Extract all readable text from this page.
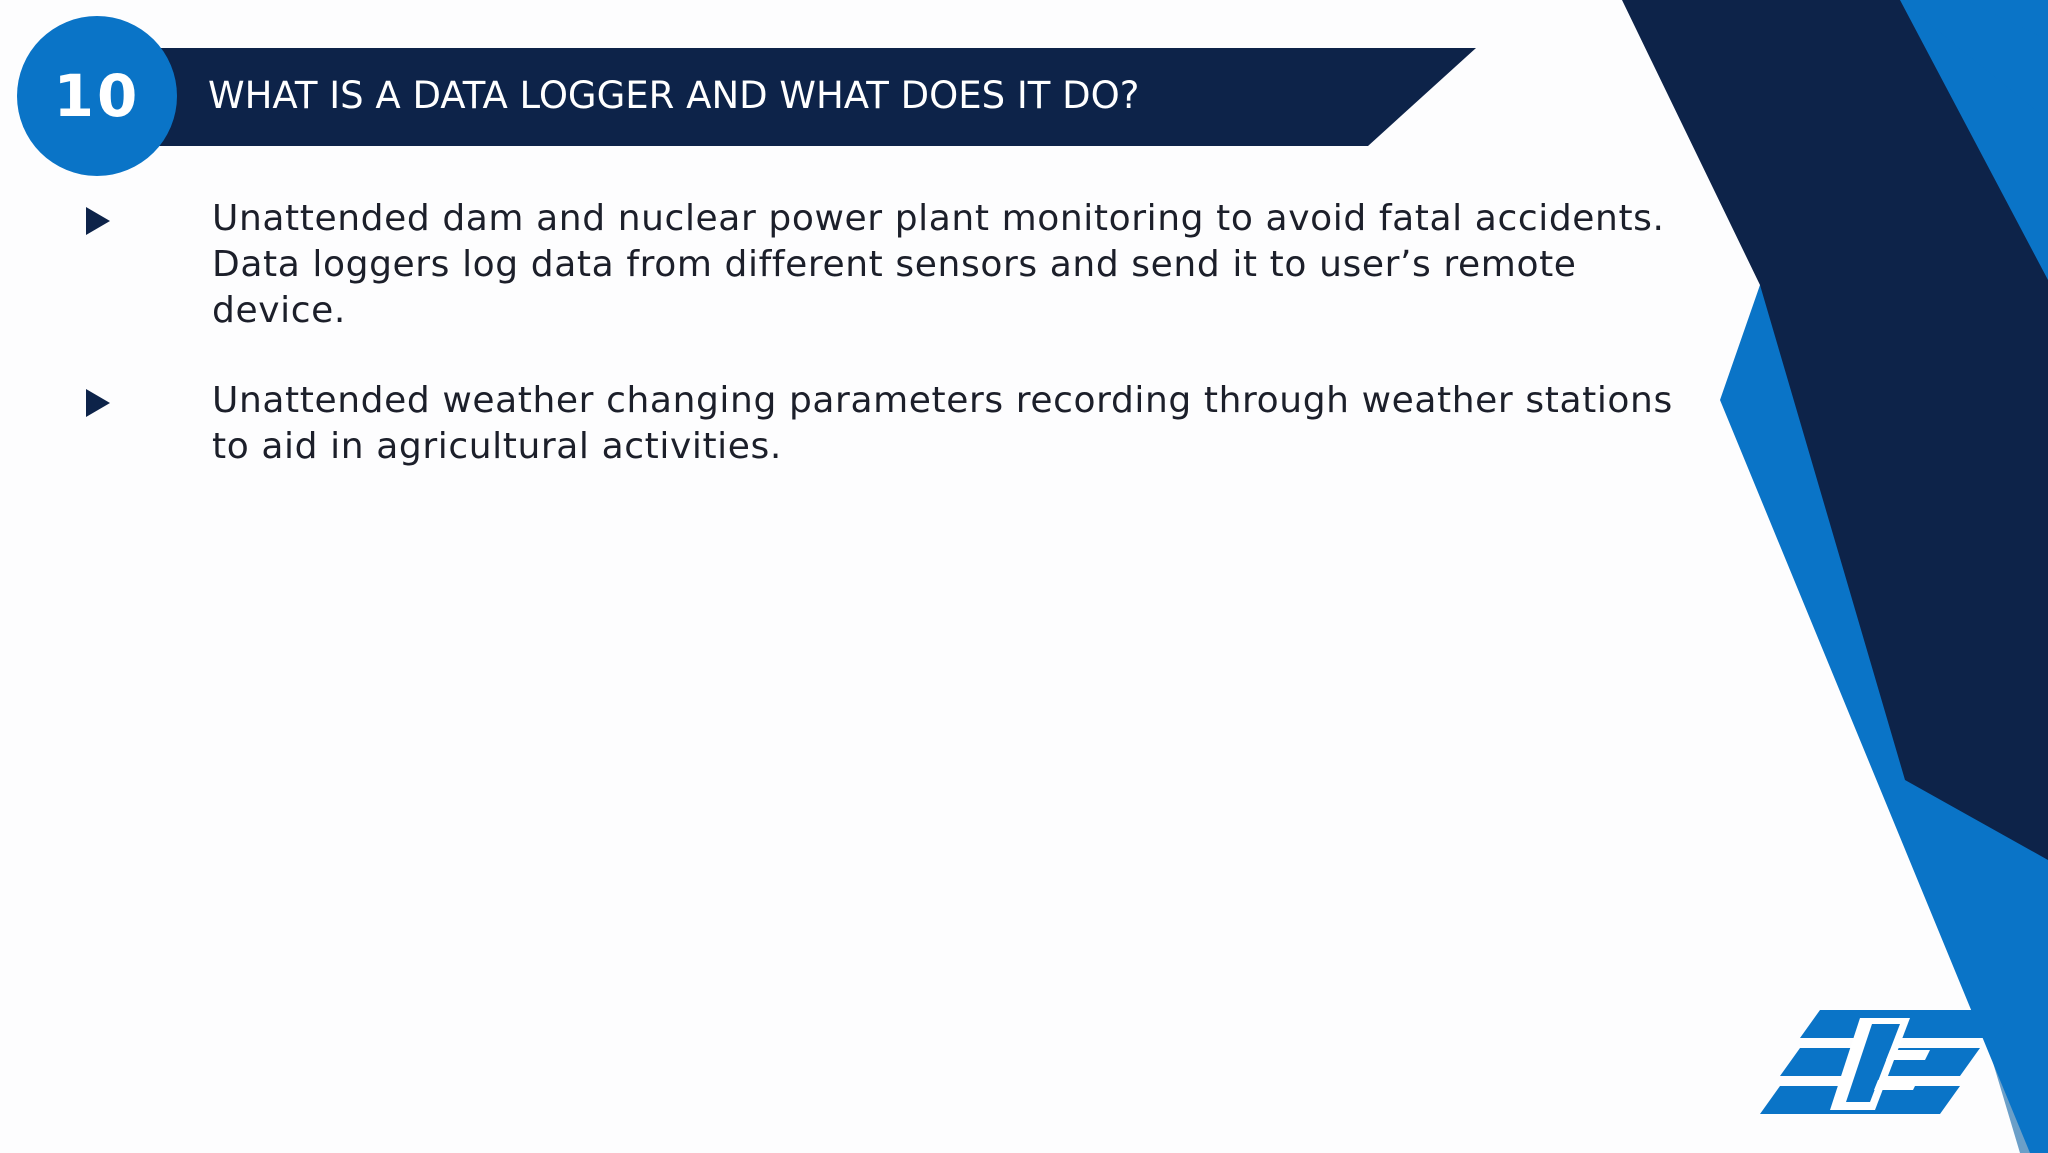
10	WHAT IS A DATA LOGGER AND WHAT DOES IT DO?
Unattended dam and nuclear power plant monitoring to avoid fatal accidents. Data loggers log data from different sensors and send it to user’s remote device.
Unattended weather changing parameters recording through weather stations to aid in agricultural activities.
